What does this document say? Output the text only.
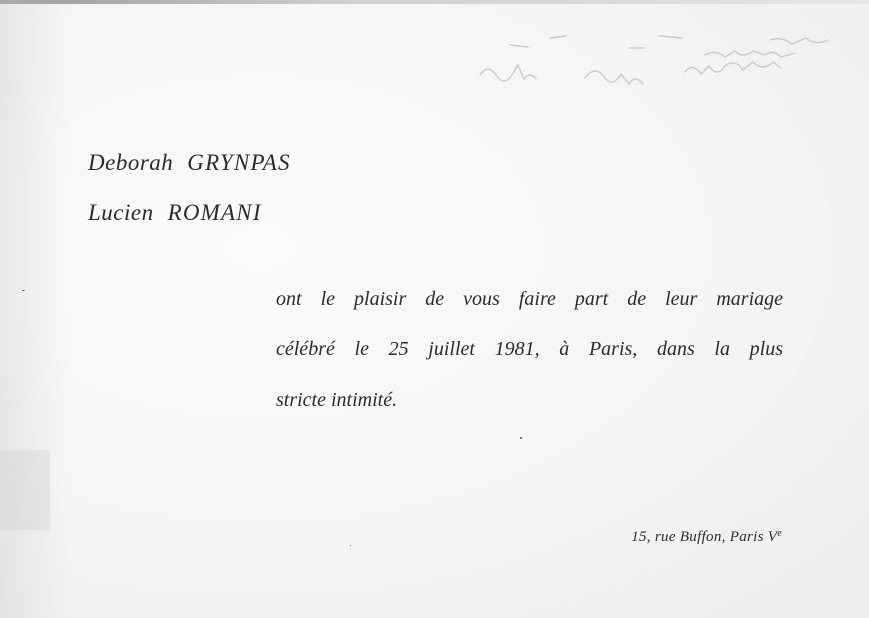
Deborah GRYNPAS
Lucien ROMANI
ont le plaisir de vous faire part de leur mariage
célébré le 25 juillet 1981, à Paris, dans la plus
stricte intimité.
15, rue Buffon, Paris Ve
